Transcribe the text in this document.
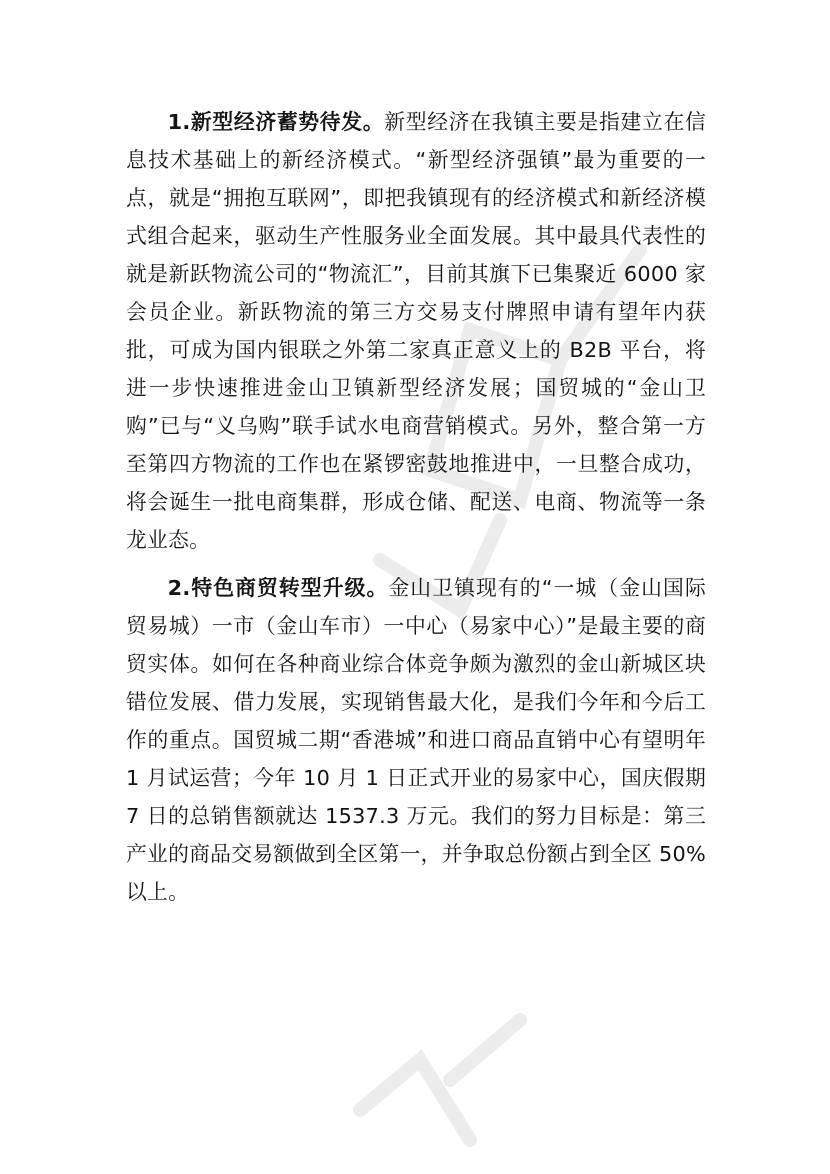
1.新型经济蓄势待发。新型经济在我镇主要是指建立在信息技术基础上的新经济模式。“新型经济强镇”最为重要的一点，就是“拥抱互联网”，即把我镇现有的经济模式和新经济模式组合起来，驱动生产性服务业全面发展。其中最具代表性的就是新跃物流公司的“物流汇”，目前其旗下已集聚近 6000 家会员企业。新跃物流的第三方交易支付牌照申请有望年内获批，可成为国内银联之外第二家真正意义上的 B2B 平台，将进一步快速推进金山卫镇新型经济发展；国贸城的“金山卫购”已与“义乌购”联手试水电商营销模式。另外，整合第一方至第四方物流的工作也在紧锣密鼓地推进中，一旦整合成功，将会诞生一批电商集群，形成仓储、配送、电商、物流等一条龙业态。

2.特色商贸转型升级。金山卫镇现有的“一城（金山国际贸易城）一市（金山车市）一中心（易家中心）”是最主要的商贸实体。如何在各种商业综合体竞争颇为激烈的金山新城区块错位发展、借力发展，实现销售最大化，是我们今年和今后工作的重点。国贸城二期“香港城”和进口商品直销中心有望明年 1 月试运营；今年 10 月 1 日正式开业的易家中心，国庆假期 7 日的总销售额就达 1537.3 万元。我们的努力目标是：第三产业的商品交易额做到全区第一，并争取总份额占到全区 50%以上。
